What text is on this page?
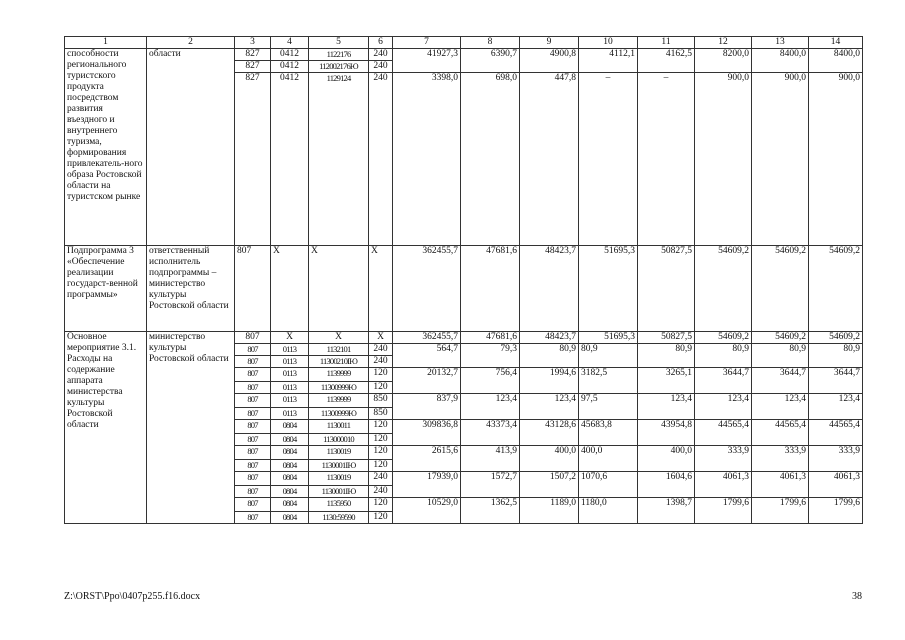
1	2	3	4	5	6	7	8	9	10	11	12	13	14
способности регионального туристского продукта посредством развития въездного и внутреннего туризма, формирования привлекатель-ного образа Ростовской области на туристском рынке	области	827	0412	1122176	240	41927,3	6390,7	4900,8	4112,1	4162,5	8200,0	8400,0	8400,0
		827	0412	112002176Ю	240								
		827	0412	1129124	240	3398,0	698,0	447,8	–	–	900,0	900,0	900,0
Подпрограмма 3 «Обеспечение реализации государст-венной программы»	ответственный исполнитель подпрограммы – министерство культуры Ростовской области	807	Х	Х	Х	362455,7	47681,6	48423,7	51695,3	50827,5	54609,2	54609,2	54609,2
Основное мероприятие 3.1. Расходы на содержание аппарата министерства культуры Ростовской области	министерство культуры Ростовской области	807	Х	Х	Х	362455,7	47681,6	48423,7	51695,3	50827,5	54609,2	54609,2	54609,2
		807	0113	1132101	240	564,7	79,3	80,9	80,9	80,9	80,9	80,9	80,9
		807	0113	11300210ІЮ	240								
		807	0113	1139999	120	20132,7	756,4	1994,6	3182,5	3265,1	3644,7	3644,7	3644,7
		807	0113	11300999Ю	120								
		807	0113	1139999	850	837,9	123,4	123,4	97,5	123,4	123,4	123,4	123,4
		807	0113	11300999Ю	850								
		807	0804	1130011	120	309836,8	43373,4	43128,6	45683,8	43954,8	44565,4	44565,4	44565,4
		807	0804	113000010	120								
		807	0804	1130019	120	2615,6	413,9	400,0	400,0	400,0	333,9	333,9	333,9
		807	0804	1130001ІЮ	120								
		807	0804	1130019	240	17939,0	1572,7	1507,2	1070,6	1604,6	4061,3	4061,3	4061,3
		807	0804	1130001ІЮ	240								
		807	0804	1135950	120	10529,0	1362,5	1189,0	1180,0	1398,7	1799,6	1799,6	1799,6
		807	0804	1130:59590	120								
Z:\ORST\Ppo\0407p255.f16.docx	38
